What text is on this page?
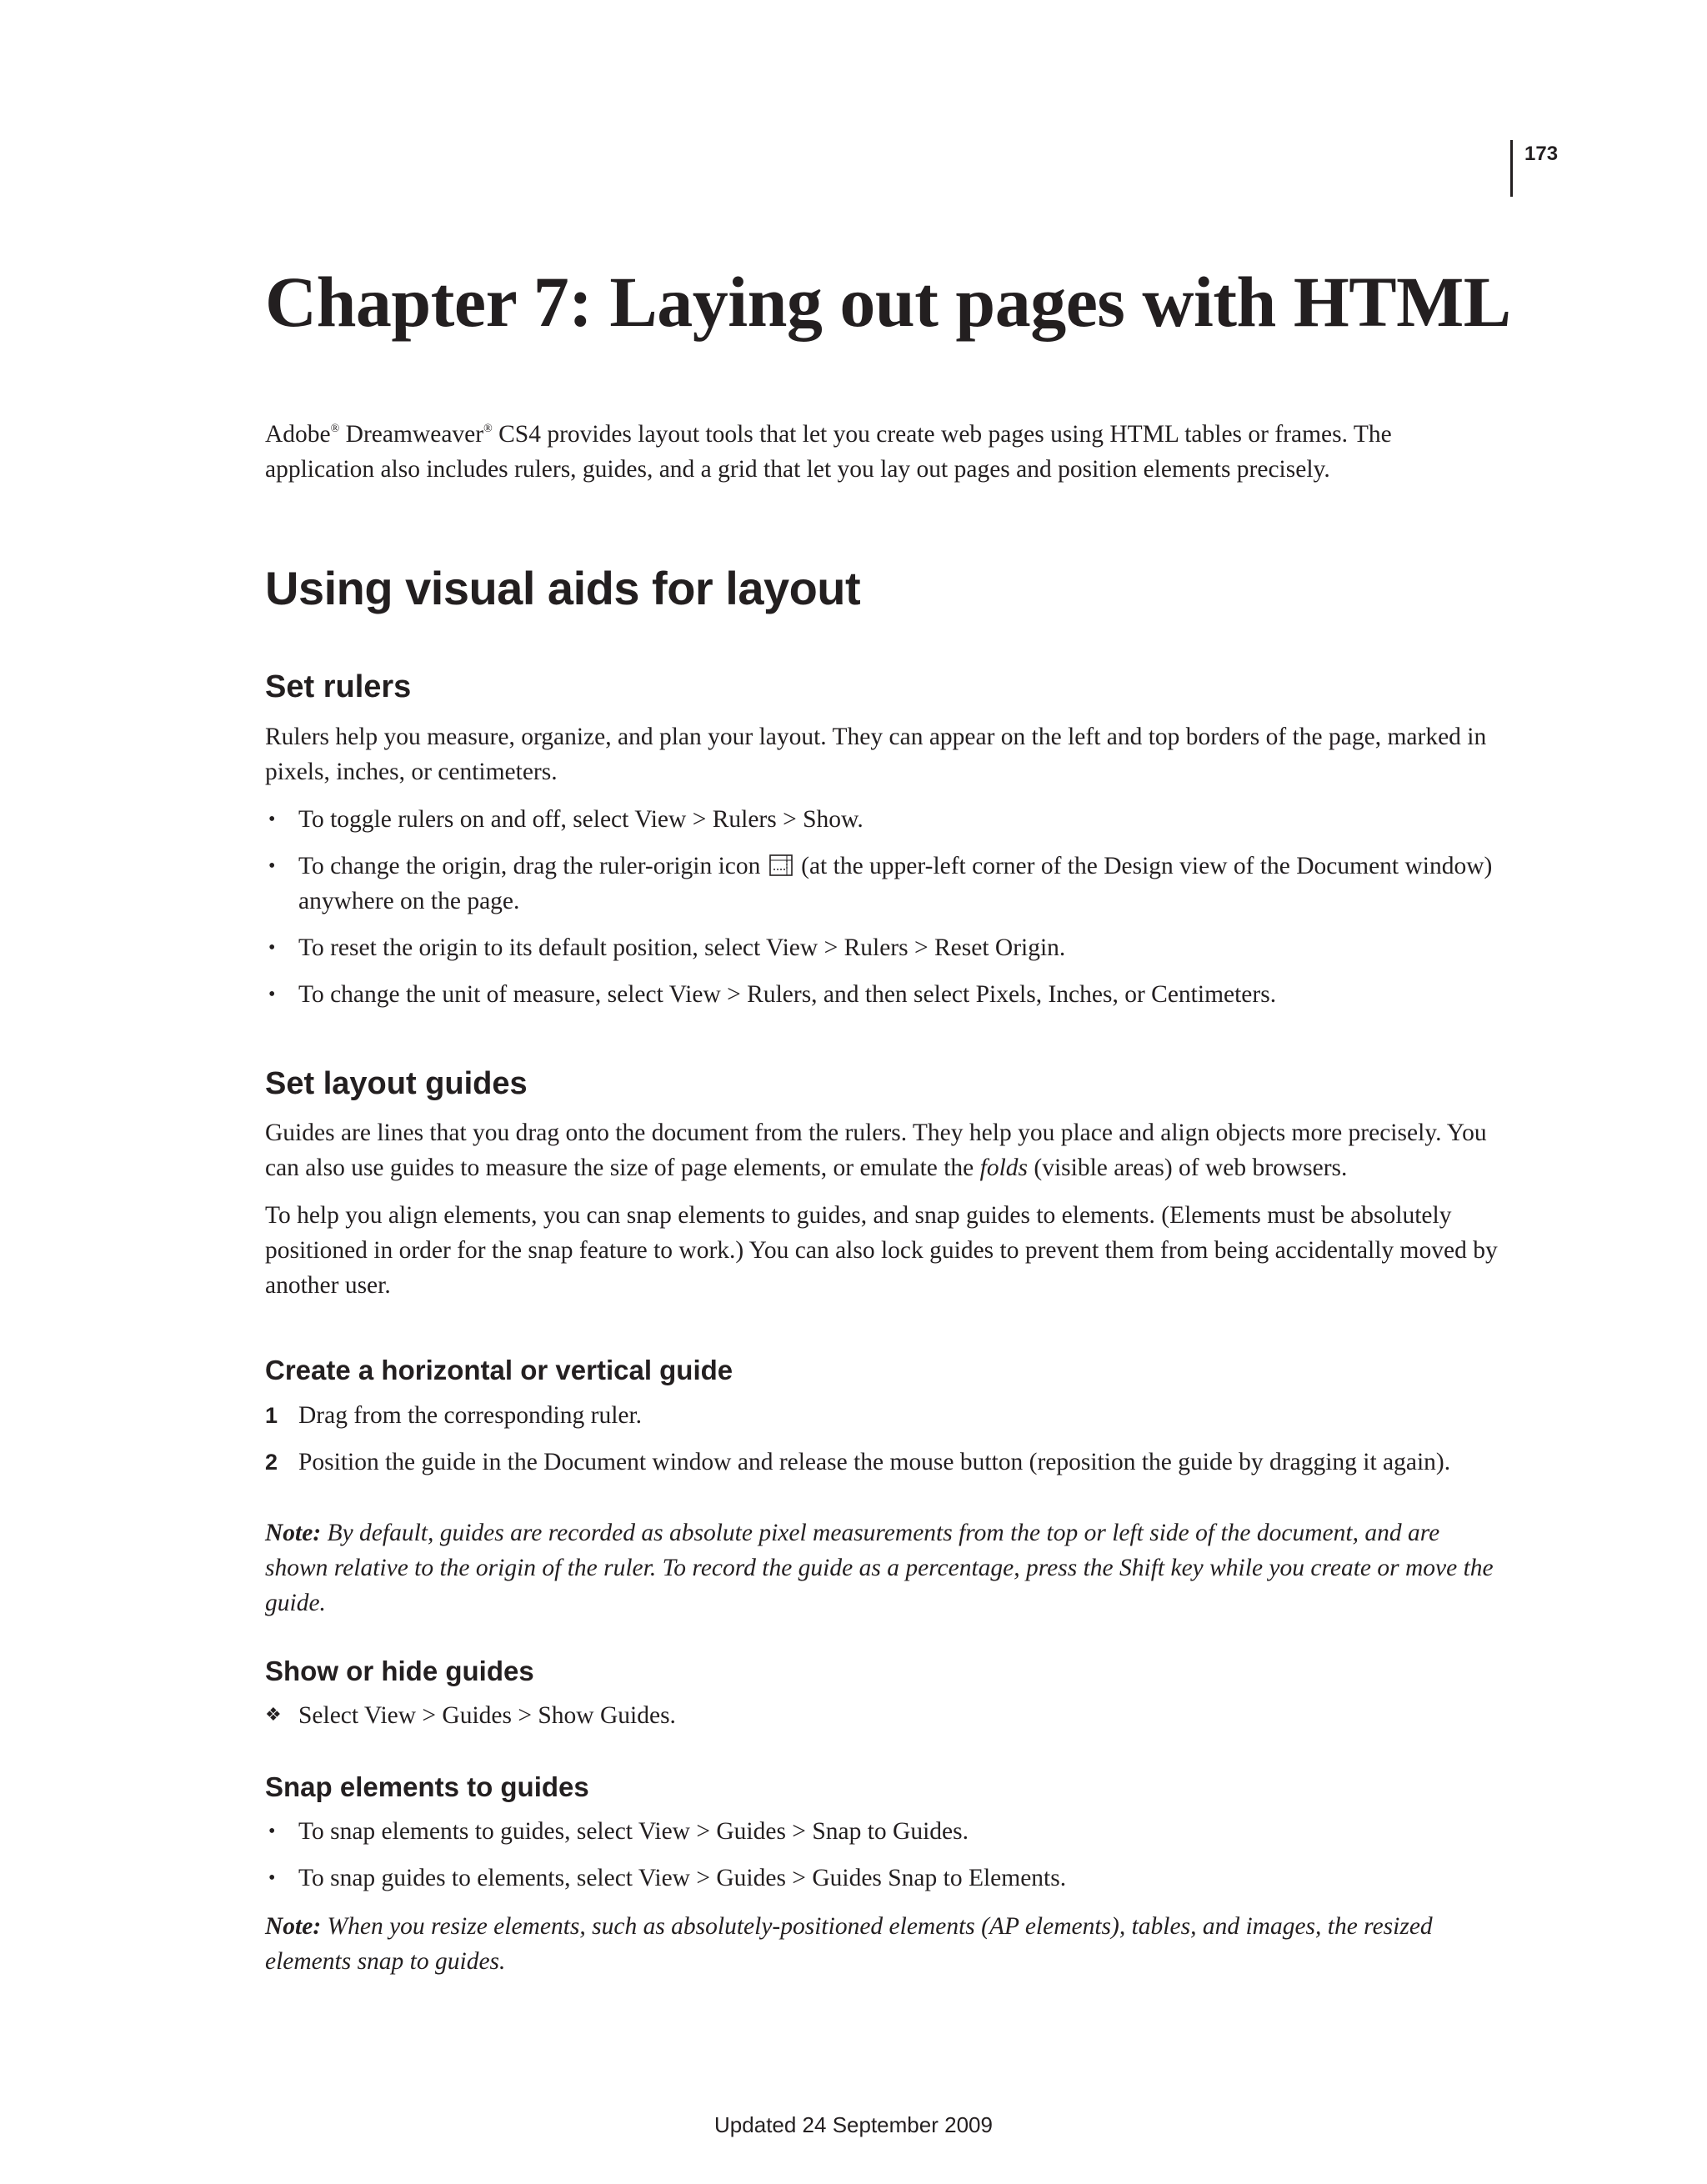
173
Chapter 7: Laying out pages with HTML

Adobe® Dreamweaver® CS4 provides layout tools that let you create web pages using HTML tables or frames. The application also includes rulers, guides, and a grid that let you lay out pages and position elements precisely.

Using visual aids for layout
Set rulers

Rulers help you measure, organize, and plan your layout. They can appear on the left and top borders of the page, marked in pixels, inches, or centimeters.

• To toggle rulers on and off, select View > Rulers > Show.
• To change the origin, drag the ruler-origin icon (at the upper-left corner of the Design view of the Document window) anywhere on the page.
• To reset the origin to its default position, select View > Rulers > Reset Origin.
• To change the unit of measure, select View > Rulers, and then select Pixels, Inches, or Centimeters.
Set layout guides

Guides are lines that you drag onto the document from the rulers. They help you place and align objects more precisely. You can also use guides to measure the size of page elements, or emulate the folds (visible areas) of web browsers.

To help you align elements, you can snap elements to guides, and snap guides to elements. (Elements must be absolutely positioned in order for the snap feature to work.) You can also lock guides to prevent them from being accidentally moved by another user.

Create a horizontal or vertical guide
1 Drag from the corresponding ruler.
2 Position the guide in the Document window and release the mouse button (reposition the guide by dragging it again).

Note: By default, guides are recorded as absolute pixel measurements from the top or left side of the document, and are shown relative to the origin of the ruler. To record the guide as a percentage, press the Shift key while you create or move the guide.

Show or hide guides
❖ Select View > Guides > Show Guides.
Snap elements to guides
• To snap elements to guides, select View > Guides > Snap to Guides.
• To snap guides to elements, select View > Guides > Guides Snap to Elements.

Note: When you resize elements, such as absolutely-positioned elements (AP elements), tables, and images, the resized elements snap to guides.

Updated 24 September 2009
